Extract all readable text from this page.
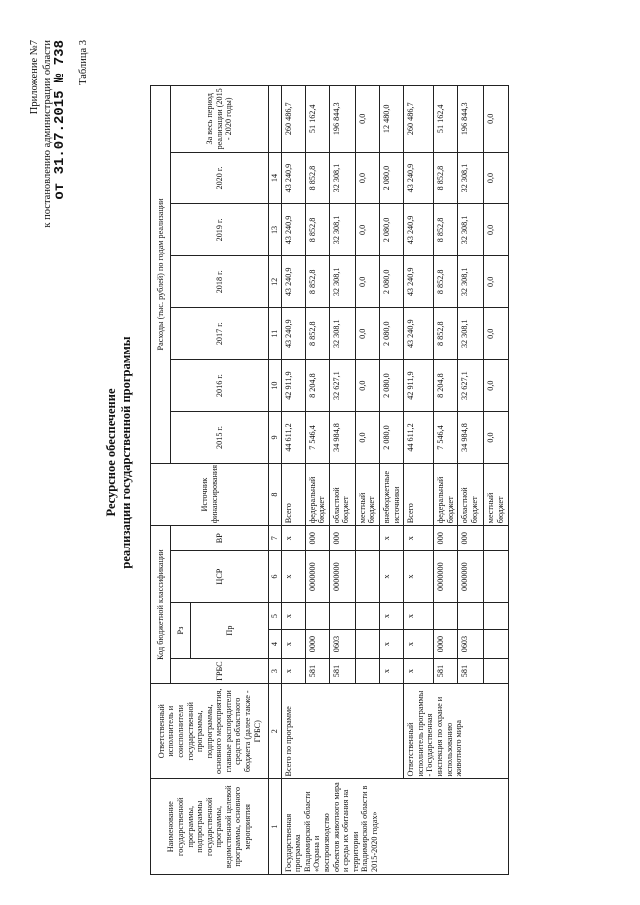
Приложение №7 к постановлению администрации области от 31.07.2015 № 738 Таблица 3
Ресурсное обеспечение реализации государственной программы
Наименование государственной программы, подпрограммы государственной программы, ведомственной целевой программы, основного мероприятия	Ответственный исполнитель и соисполнители государственной программы, подпрограммы, основного мероприятия, главные распорядители средств областного бюджета (далее также - ГРБС)	Код бюджетной классификации					Источник финансирования	Расходы (тыс. рублей) по годам реализации						
		ГРБС	Рз		ЦСР	ВР		2015 г.	2016 г.	2017 г.	2018 г.	2019 г.	2020 г.	За весь период реализации (2015 - 2020 годы)
			Пр											
1	2	3	4	5	6	7	8	9	10	11	12	13	14	
Государственная программа Владимирской области «Охрана и воспроизводство объектов животного мира и среды их обитания на территории Владимирской области в 2015-2020 годах»	Всего по программе	х	х	х	х	х	Всего	44 611,2	42 911,9	43 240,9	43 240,9	43 240,9	43 240,9	260 486,7
		581	0000		0000000	000	федеральный бюджет	7 546,4	8 204,8	8 852,8	8 852,8	8 852,8	8 852,8	51 162,4
		581	0603		0000000	000	областной бюджет	34 984,8	32 627,1	32 308,1	32 308,1	32 308,1	32 308,1	196 844,3
							местный бюджет	0,0	0,0	0,0	0,0	0,0	0,0	0,0
		х	х	х	х	х	внебюджетные источники	2 080,0	2 080,0	2 080,0	2 080,0	2 080,0	2 080,0	12 480,0
	Ответственный исполнитель программы - Государственная инспекция по охране и использованию животного мира	х	х	х	х	х	Всего	44 611,2	42 911,9	43 240,9	43 240,9	43 240,9	43 240,9	260 486,7
		581	0000		0000000	000	федеральный бюджет	7 546,4	8 204,8	8 852,8	8 852,8	8 852,8	8 852,8	51 162,4
		581	0603		0000000	000	областной бюджет	34 984,8	32 627,1	32 308,1	32 308,1	32 308,1	32 308,1	196 844,3
							местный бюджет	0,0	0,0	0,0	0,0	0,0	0,0	0,0
